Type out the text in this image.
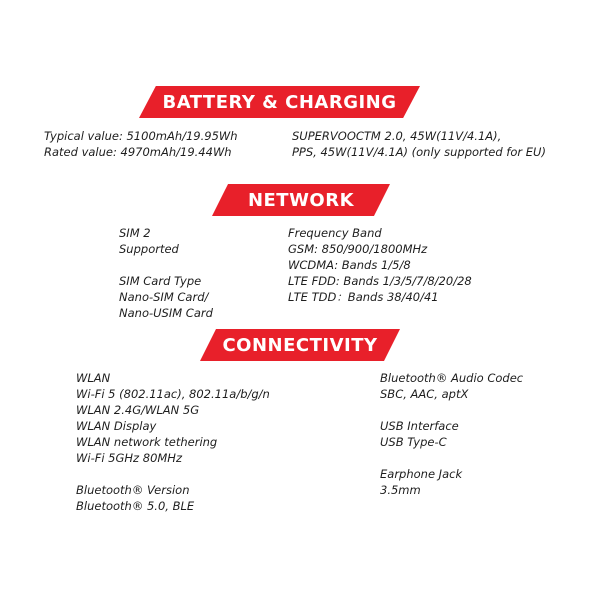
BATTERY & CHARGING
Typical value: 5100mAh/19.95Wh
Rated value: 4970mAh/19.44Wh
SUPERVOOCTM 2.0, 45W(11V/4.1A),
PPS, 45W(11V/4.1A) (only supported for EU)
NETWORK
SIM 2
Supported
SIM Card Type
Nano-SIM Card/
Nano-USIM Card
Frequency Band
GSM: 850/900/1800MHz
WCDMA: Bands 1/5/8
LTE FDD: Bands 1/3/5/7/8/20/28
LTE TDD：Bands 38/40/41
CONNECTIVITY
WLAN
Wi-Fi 5 (802.11ac), 802.11a/b/g/n
WLAN 2.4G/WLAN 5G
WLAN Display
WLAN network tethering
Wi-Fi 5GHz 80MHz
Bluetooth® Version
Bluetooth® 5.0, BLE
Bluetooth® Audio Codec
SBC, AAC, aptX
USB Interface
USB Type-C
Earphone Jack
3.5mm
